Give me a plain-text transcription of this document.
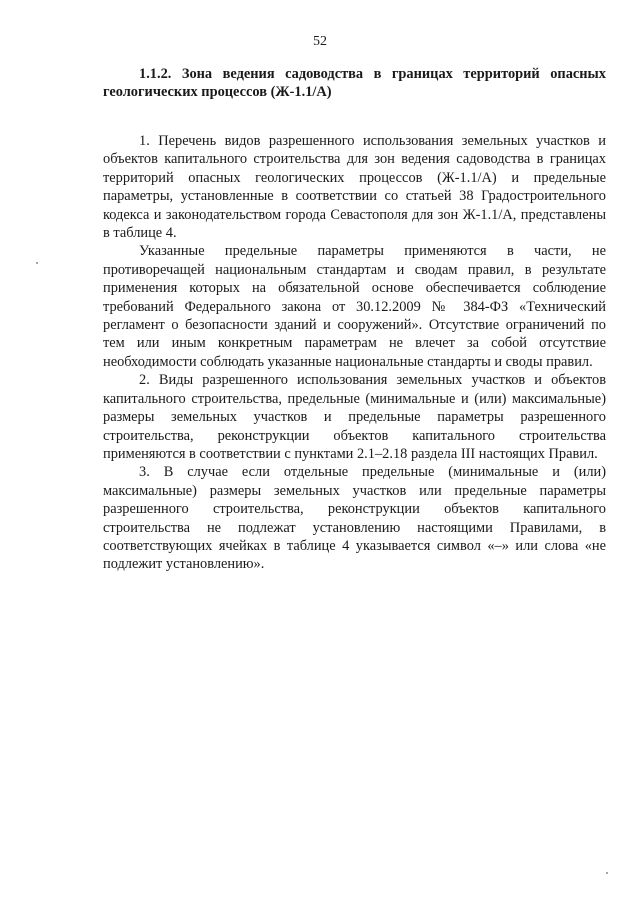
52

1.1.2. Зона ведения садоводства в границах территорий опасных геологических процессов (Ж-1.1/А)

1. Перечень видов разрешенного использования земельных участков и объектов капитального строительства для зон ведения садоводства в границах территорий опасных геологических процессов (Ж-1.1/А) и предельные параметры, установленные в соответствии со статьей 38 Градостроительного кодекса и законодательством города Севастополя для зон Ж-1.1/А, представлены в таблице 4.

Указанные предельные параметры применяются в части, не противоречащей национальным стандартам и сводам правил, в результате применения которых на обязательной основе обеспечивается соблюдение требований Федерального закона от 30.12.2009 № 384-ФЗ «Технический регламент о безопасности зданий и сооружений». Отсутствие ограничений по тем или иным конкретным параметрам не влечет за собой отсутствие необходимости соблюдать указанные национальные стандарты и своды правил.

2. Виды разрешенного использования земельных участков и объектов капитального строительства, предельные (минимальные и (или) максимальные) размеры земельных участков и предельные параметры разрешенного строительства, реконструкции объектов капитального строительства применяются в соответствии с пунктами 2.1–2.18 раздела III настоящих Правил.

3. В случае если отдельные предельные (минимальные и (или) максимальные) размеры земельных участков или предельные параметры разрешенного строительства, реконструкции объектов капитального строительства не подлежат установлению настоящими Правилами, в соответствующих ячейках в таблице 4 указывается символ «–» или слова «не подлежит установлению».
